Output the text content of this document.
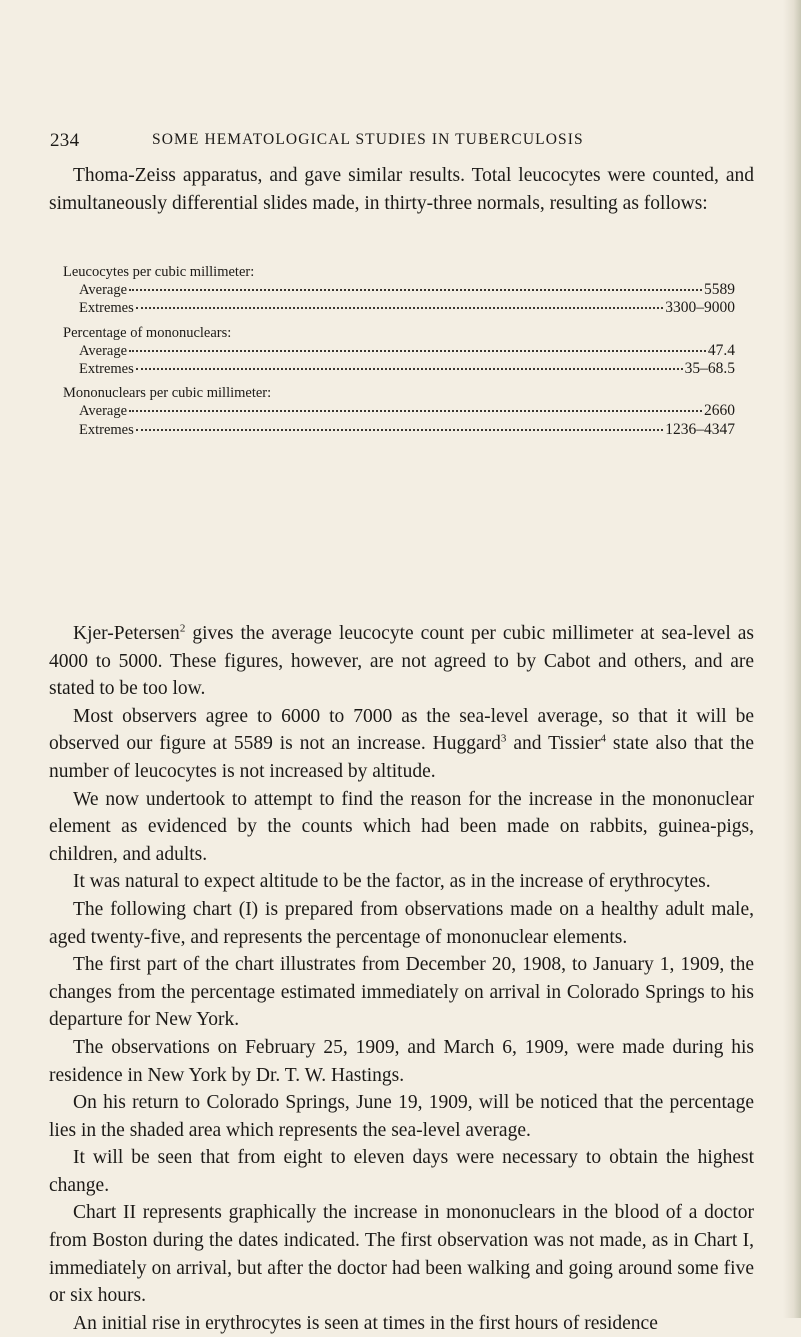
234	SOME HEMATOLOGICAL STUDIES IN TUBERCULOSIS

Thoma-Zeiss apparatus, and gave similar results. Total leucocytes were counted, and simultaneously differential slides made, in thirty-three normals, resulting as follows:

Leucocytes per cubic millimeter:

Average	5589
Extremes	3300–9000

Percentage of mononuclears:

Average	47.4
Extremes	35–68.5

Mononuclears per cubic millimeter:

Average	2660
Extremes	1236–4347

Kjer-Petersen$^2$ gives the average leucocyte count per cubic millimeter at sea-level as 4000 to 5000. These figures, however, are not agreed to by Cabot and others, and are stated to be too low.

Most observers agree to 6000 to 7000 as the sea-level average, so that it will be observed our figure at 5589 is not an increase. Huggard$^3$ and Tissier$^4$ state also that the number of leucocytes is not increased by altitude.

We now undertook to attempt to find the reason for the increase in the mononuclear element as evidenced by the counts which had been made on rabbits, guinea-pigs, children, and adults.

It was natural to expect altitude to be the factor, as in the increase of erythrocytes.

The following chart (I) is prepared from observations made on a healthy adult male, aged twenty-five, and represents the percentage of mononuclear elements.

The first part of the chart illustrates from December 20, 1908, to January 1, 1909, the changes from the percentage estimated immediately on arrival in Colorado Springs to his departure for New York.

The observations on February 25, 1909, and March 6, 1909, were made during his residence in New York by Dr. T. W. Hastings.

On his return to Colorado Springs, June 19, 1909, will be noticed that the percentage lies in the shaded area which represents the sea-level average.

It will be seen that from eight to eleven days were necessary to obtain the highest change.

Chart II represents graphically the increase in mononuclears in the blood of a doctor from Boston during the dates indicated. The first observation was not made, as in Chart I, immediately on arrival, but after the doctor had been walking and going around some five or six hours.

An initial rise in erythrocytes is seen at times in the first hours of residence
